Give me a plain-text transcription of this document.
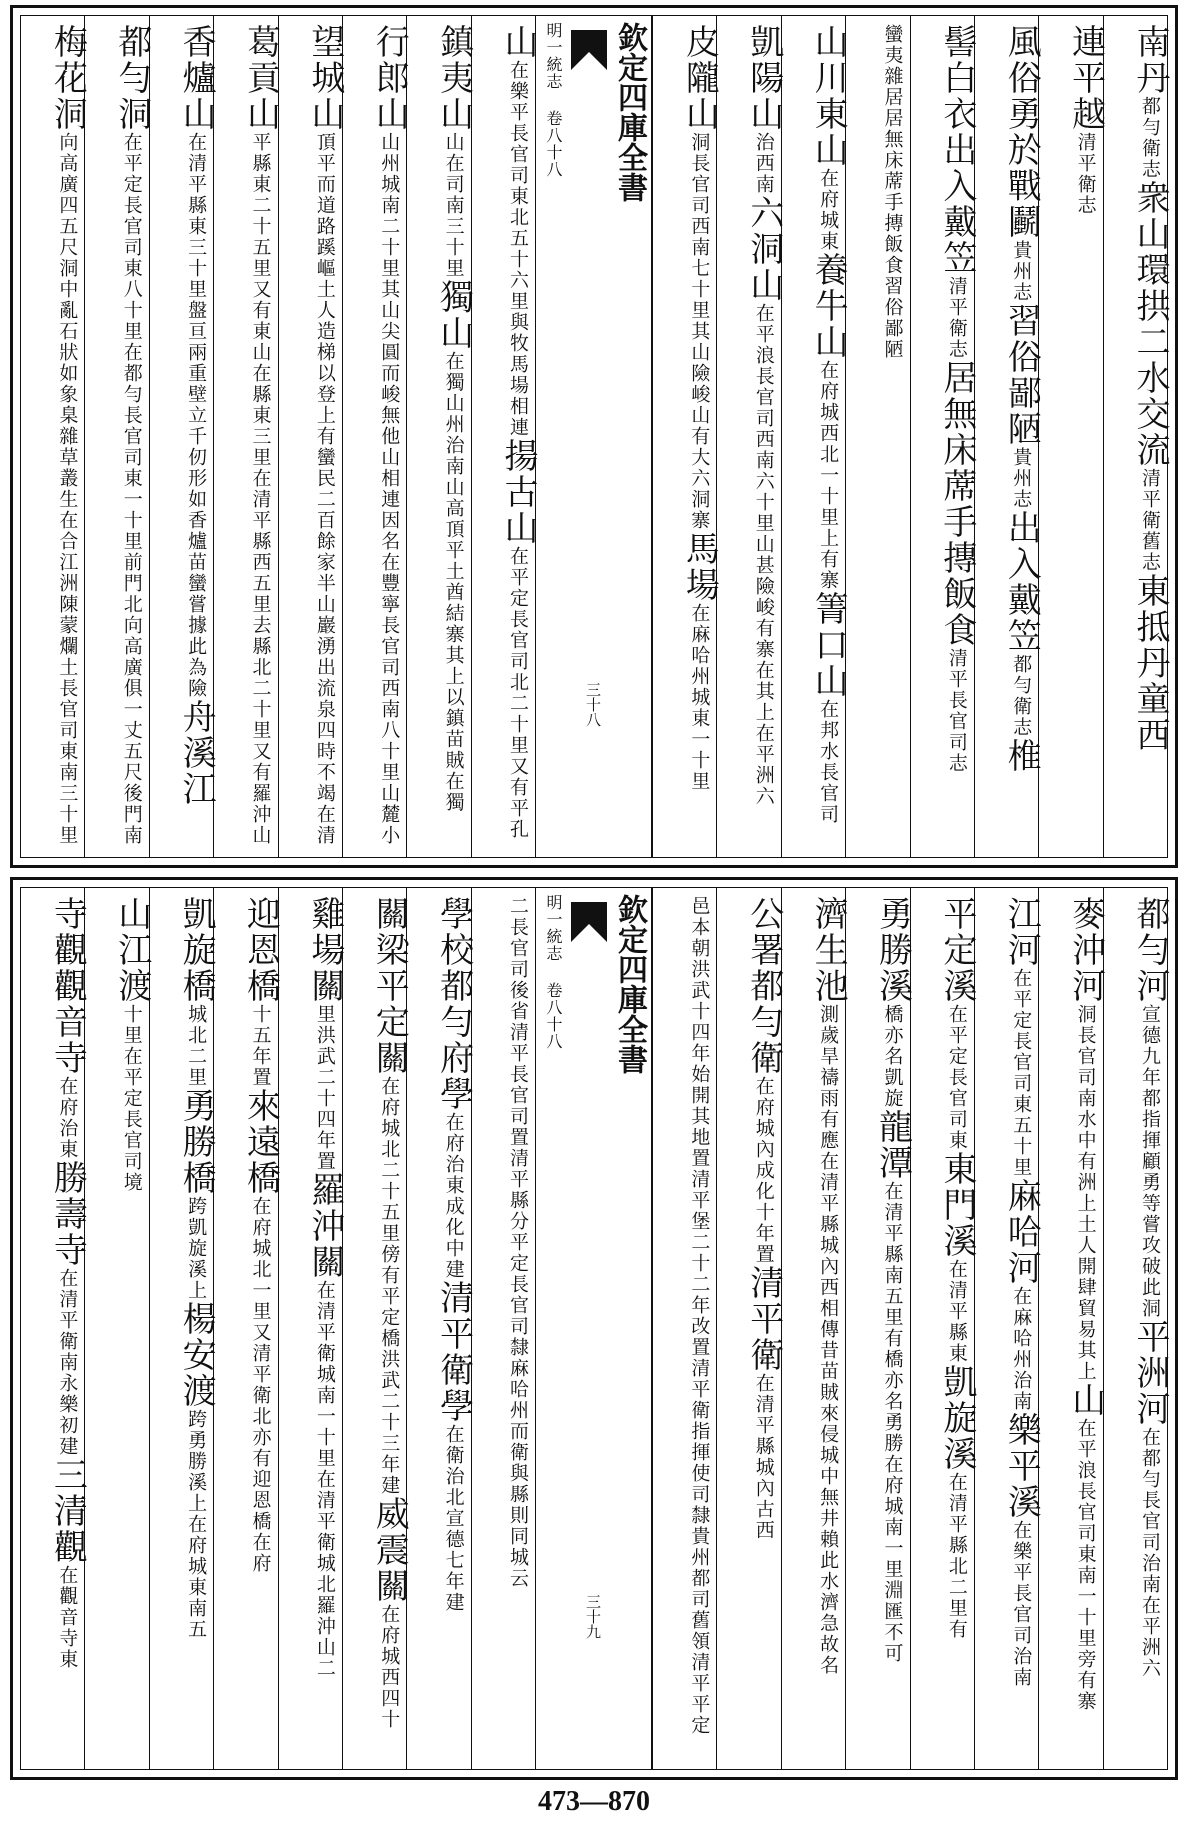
南丹都勻衛志衆山環拱二水交流清平衛舊志東抵丹童西
連平越清平衛志
風俗勇於戰鬬貴州志習俗鄙陋貴州志出入戴笠都勻衛志椎
髻白衣出入戴笠清平衛志居無床蓆手摶飯食清平長官司志
蠻夷雜居居無床蓆手摶飯食習俗鄙陋
山川東山在府城東養牛山在府城西北一十里上有寨箐口山在邦水長官司
凱陽山治西南六洞山在平浪長官司西南六十里山甚險峻有寨在其上在平洲六
皮隴山洞長官司西南七十里其山險峻山有大六洞寨馬場在麻哈州城東一十里
欽定四庫全書
明一統志 卷八十八
三十八
山在樂平長官司東北五十六里與牧馬場相連揚古山在平定長官司北二十里又有平孔
鎮夷山山在司南三十里獨山在獨山州治南山高頂平土酋結寨其上以鎮苗賊在獨
行郎山山州城南二十里其山尖圓而峻無他山相連因名在豐寧長官司西南八十里山麓小
望城山頂平而道路蹊嶇土人造梯以登上有蠻民二百餘家半山巖湧出流泉四時不竭在清
葛貢山平縣東二十五里又有東山在縣東三里在清平縣西五里去縣北二十里又有羅沖山
香爐山在清平縣東三十里盤亘兩重壁立千仞形如香爐苗蠻嘗據此為險舟溪江
都勻洞在平定長官司東八十里在都勻長官司東一十里前門北向高廣俱一丈五尺後門南
梅花洞向高廣四五尺洞中亂石狀如象臬雜草叢生在合江洲陳蒙爛土長官司東南三十里
都勻河宣德九年都指揮顧勇等嘗攻破此洞平洲河在都勻長官司治南在平洲六
麥沖河洞長官司南水中有洲上土人開肆貿易其上山在平浪長官司東南一十里旁有寨
江河在平定長官司東五十里麻哈河在麻哈州治南樂平溪在樂平長官司治南
平定溪在平定長官司東東門溪在清平縣東凱旋溪在清平縣北二里有
勇勝溪橋亦名凱旋龍潭在清平縣南五里有橋亦名勇勝在府城南一里淵匯不可
濟生池測歲旱禱雨有應在清平縣城內西相傳昔苗賊來侵城中無井賴此水濟急故名
公署都勻衛在府城內成化十年置清平衛在清平縣城內古西
邑本朝洪武十四年始開其地置清平堡二十二年改置清平衛指揮使司隸貴州都司舊領清平平定
欽定四庫全書
明一統志 卷八十八
三十九
二長官司後省清平長官司置清平縣分平定長官司隸麻哈州而衛與縣則同城云
學校都勻府學在府治東成化中建清平衛學在衛治北宣德七年建
關梁平定關在府城北二十五里傍有平定橋洪武二十三年建威震關在府城西四十
雞場關里洪武二十四年置羅沖關在清平衛城南一十里在清平衛城北羅沖山二
迎恩橋十五年置來遠橋在府城北一里又清平衛北亦有迎恩橋在府
凱旋橋城北二里勇勝橋跨凱旋溪上楊安渡跨勇勝溪上在府城東南五
山江渡十里在平定長官司境
寺觀觀音寺在府治東勝壽寺在清平衛南永樂初建三清觀在觀音寺東
473—870
